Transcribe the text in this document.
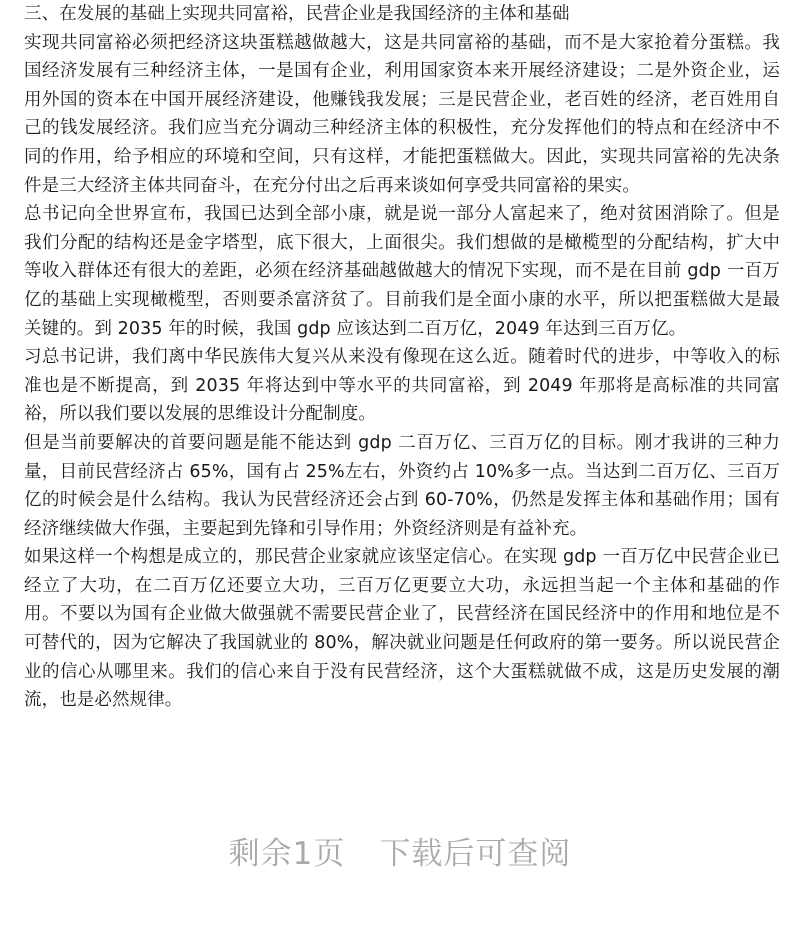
三、在发展的基础上实现共同富裕，民营企业是我国经济的主体和基础

实现共同富裕必须把经济这块蛋糕越做越大，这是共同富裕的基础，而不是大家抢着分蛋糕。我国经济发展有三种经济主体，一是国有企业，利用国家资本来开展经济建设；二是外资企业，运用外国的资本在中国开展经济建设，他赚钱我发展；三是民营企业，老百姓的经济，老百姓用自己的钱发展经济。我们应当充分调动三种经济主体的积极性，充分发挥他们的特点和在经济中不同的作用，给予相应的环境和空间，只有这样，才能把蛋糕做大。因此，实现共同富裕的先决条件是三大经济主体共同奋斗，在充分付出之后再来谈如何享受共同富裕的果实。

总书记向全世界宣布，我国已达到全部小康，就是说一部分人富起来了，绝对贫困消除了。但是我们分配的结构还是金字塔型，底下很大，上面很尖。我们想做的是橄榄型的分配结构，扩大中等收入群体还有很大的差距，必须在经济基础越做越大的情况下实现，而不是在目前 gdp 一百万亿的基础上实现橄榄型，否则要杀富济贫了。目前我们是全面小康的水平，所以把蛋糕做大是最关键的。到 2035 年的时候，我国 gdp 应该达到二百万亿，2049 年达到三百万亿。

习总书记讲，我们离中华民族伟大复兴从来没有像现在这么近。随着时代的进步，中等收入的标准也是不断提高，到 2035 年将达到中等水平的共同富裕，到 2049 年那将是高标准的共同富裕，所以我们要以发展的思维设计分配制度。

但是当前要解决的首要问题是能不能达到 gdp 二百万亿、三百万亿的目标。刚才我讲的三种力量，目前民营经济占 65%，国有占 25%左右，外资约占 10%多一点。当达到二百万亿、三百万亿的时候会是什么结构。我认为民营经济还会占到 60-70%，仍然是发挥主体和基础作用；国有经济继续做大作强，主要起到先锋和引导作用；外资经济则是有益补充。

如果这样一个构想是成立的，那民营企业家就应该坚定信心。在实现 gdp 一百万亿中民营企业已经立了大功，在二百万亿还要立大功，三百万亿更要立大功，永远担当起一个主体和基础的作用。不要以为国有企业做大做强就不需要民营企业了，民营经济在国民经济中的作用和地位是不可替代的，因为它解决了我国就业的 80%，解决就业问题是任何政府的第一要务。所以说民营企业的信心从哪里来。我们的信心来自于没有民营经济，这个大蛋糕就做不成，这是历史发展的潮流，也是必然规律。

剩余1页 下载后可查阅
